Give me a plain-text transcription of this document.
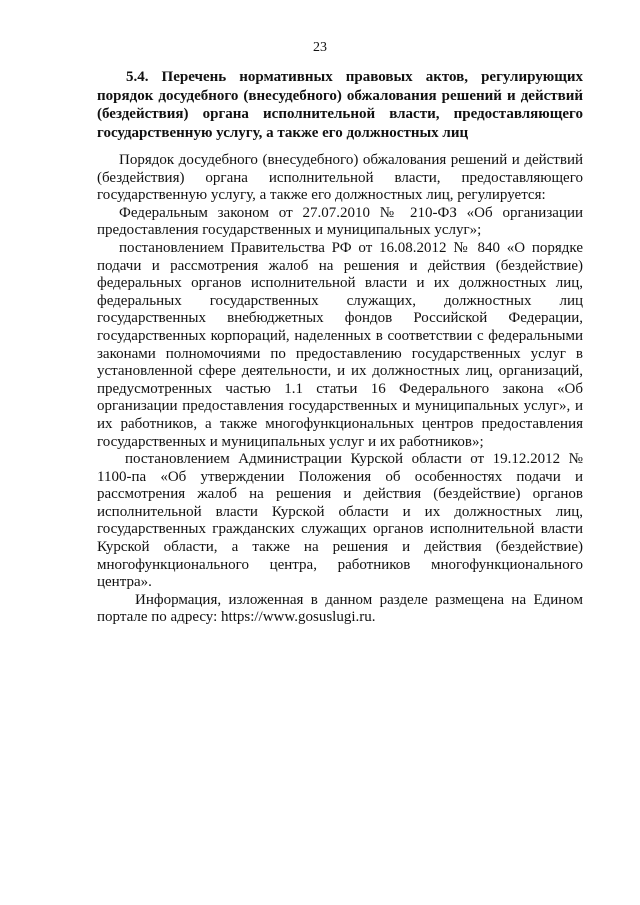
23

5.4. Перечень нормативных правовых актов, регулирующих порядок досудебного (внесудебного) обжалования решений и действий (бездействия) органа исполнительной власти, предоставляющего государственную услугу, а также его должностных лиц

Порядок досудебного (внесудебного) обжалования решений и действий (бездействия) органа исполнительной власти, предоставляющего государственную услугу, а также его должностных лиц, регулируется:

Федеральным законом от 27.07.2010 № 210-ФЗ «Об организации предоставления государственных и муниципальных услуг»;

постановлением Правительства РФ от 16.08.2012 № 840 «О порядке подачи и рассмотрения жалоб на решения и действия (бездействие) федеральных органов исполнительной власти и их должностных лиц, федеральных государственных служащих, должностных лиц государственных внебюджетных фондов Российской Федерации, государственных корпораций, наделенных в соответствии с федеральными законами полномочиями по предоставлению государственных услуг в установленной сфере деятельности, и их должностных лиц, организаций, предусмотренных частью 1.1 статьи 16 Федерального закона «Об организации предоставления государственных и муниципальных услуг», и их работников, а также многофункциональных центров предоставления государственных и муниципальных услуг и их работников»;

постановлением Администрации Курской области от 19.12.2012 № 1100-па «Об утверждении Положения об особенностях подачи и рассмотрения жалоб на решения и действия (бездействие) органов исполнительной власти Курской области и их должностных лиц, государственных гражданских служащих органов исполнительной власти Курской области, а также на решения и действия (бездействие) многофункционального центра, работников многофункционального центра».

Информация, изложенная в данном разделе размещена на Едином портале по адресу: https://www.gosuslugi.ru.
